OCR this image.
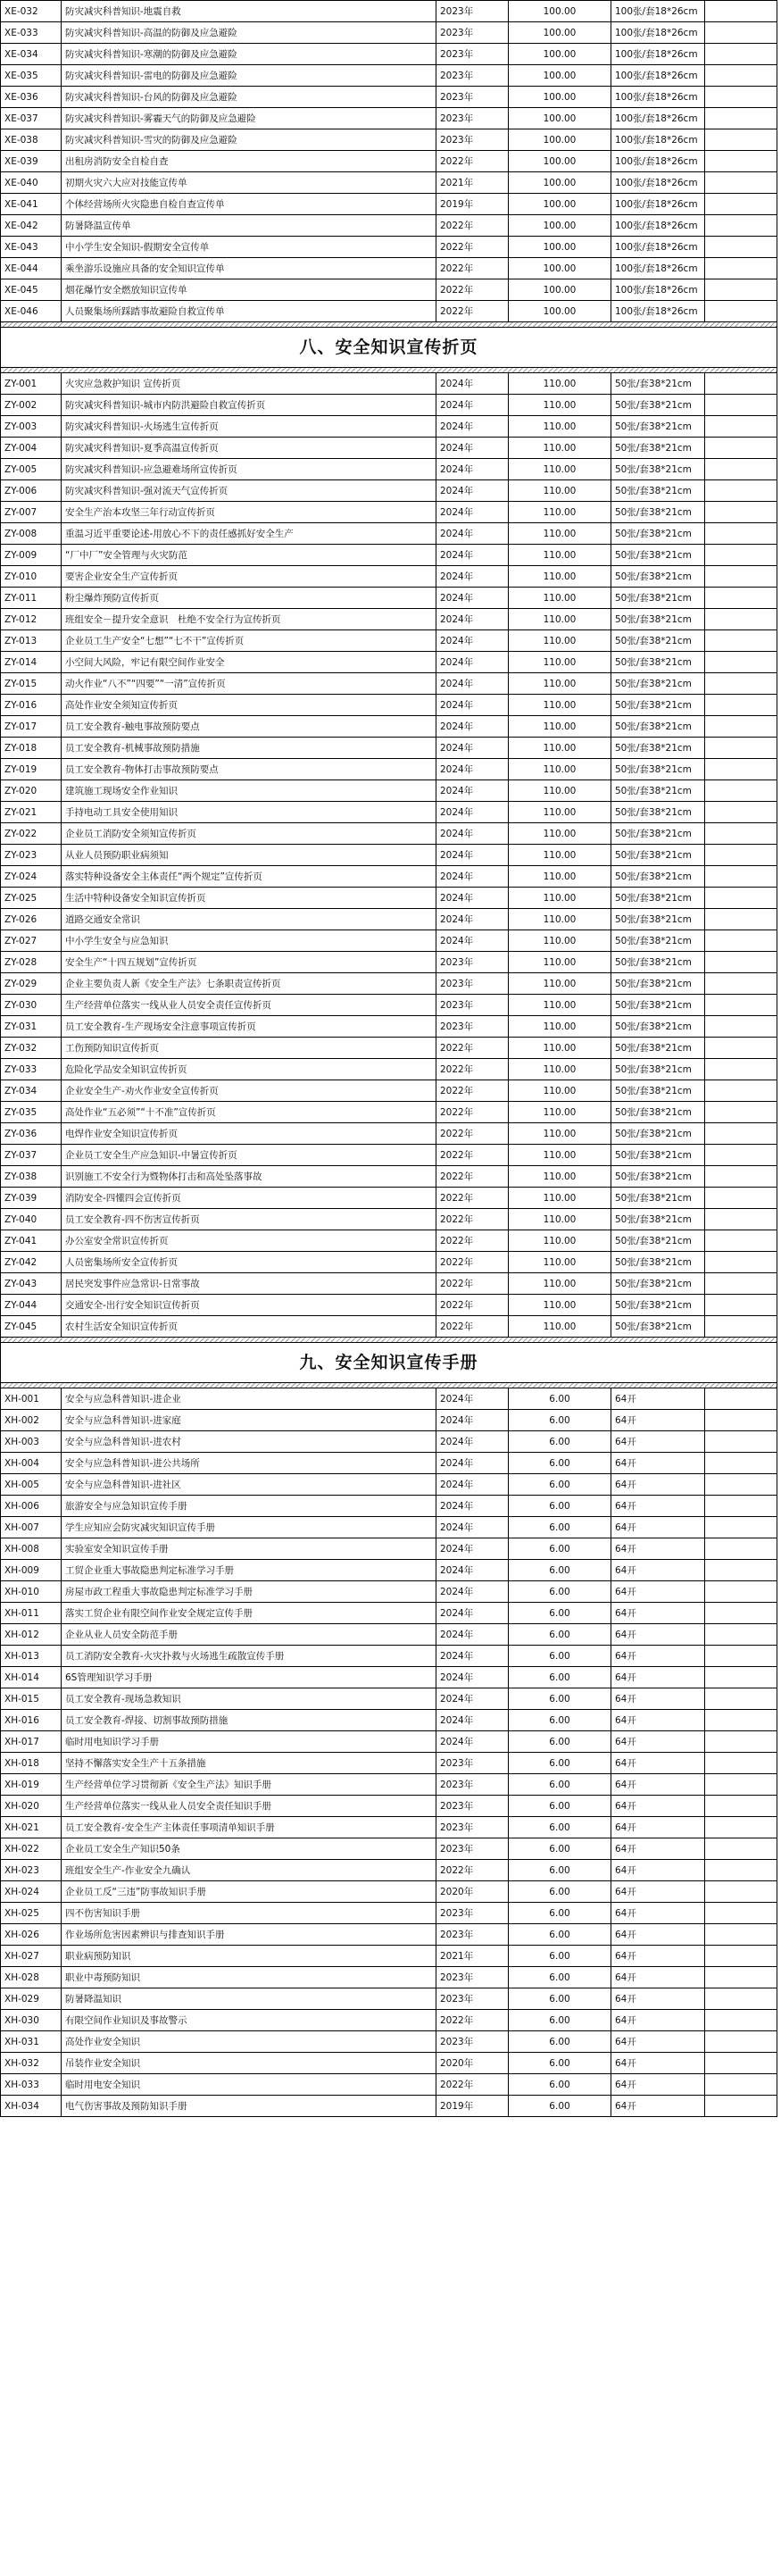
XE-032	防灾减灾科普知识-地震自救	2023年	100.00	100张/套18*26cm	
XE-033	防灾减灾科普知识-高温的防御及应急避险	2023年	100.00	100张/套18*26cm	
XE-034	防灾减灾科普知识-寒潮的防御及应急避险	2023年	100.00	100张/套18*26cm	
XE-035	防灾减灾科普知识-雷电的防御及应急避险	2023年	100.00	100张/套18*26cm	
XE-036	防灾减灾科普知识-台风的防御及应急避险	2023年	100.00	100张/套18*26cm	
XE-037	防灾减灾科普知识-雾霾天气的防御及应急避险	2023年	100.00	100张/套18*26cm	
XE-038	防灾减灾科普知识-雪灾的防御及应急避险	2023年	100.00	100张/套18*26cm	
XE-039	出租房消防安全自检自查	2022年	100.00	100张/套18*26cm	
XE-040	初期火灾六大应对技能宣传单	2021年	100.00	100张/套18*26cm	
XE-041	个体经营场所火灾隐患自检自查宣传单	2019年	100.00	100张/套18*26cm	
XE-042	防暑降温宣传单	2022年	100.00	100张/套18*26cm	
XE-043	中小学生安全知识-假期安全宣传单	2022年	100.00	100张/套18*26cm	
XE-044	乘坐游乐设施应具备的安全知识宣传单	2022年	100.00	100张/套18*26cm	
XE-045	烟花爆竹安全燃放知识宣传单	2022年	100.00	100张/套18*26cm	
XE-046	人员聚集场所踩踏事故避险自救宣传单	2022年	100.00	100张/套18*26cm	

八、安全知识宣传折页					

ZY-001	火灾应急救护知识 宣传折页	2024年	110.00	50张/套38*21cm	
ZY-002	防灾减灾科普知识-城市内防洪避险自救宣传折页	2024年	110.00	50张/套38*21cm	
ZY-003	防灾减灾科普知识-火场逃生宣传折页	2024年	110.00	50张/套38*21cm	
ZY-004	防灾减灾科普知识-夏季高温宣传折页	2024年	110.00	50张/套38*21cm	
ZY-005	防灾减灾科普知识-应急避难场所宣传折页	2024年	110.00	50张/套38*21cm	
ZY-006	防灾减灾科普知识-强对流天气宣传折页	2024年	110.00	50张/套38*21cm	
ZY-007	安全生产治本攻坚三年行动宣传折页	2024年	110.00	50张/套38*21cm	
ZY-008	重温习近平重要论述-用放心不下的责任感抓好安全生产	2024年	110.00	50张/套38*21cm	
ZY-009	“厂中厂”安全管理与火灾防范	2024年	110.00	50张/套38*21cm	
ZY-010	要害企业安全生产宣传折页	2024年	110.00	50张/套38*21cm	
ZY-011	粉尘爆炸预防宣传折页	2024年	110.00	50张/套38*21cm	
ZY-012	班组安全－提升安全意识　杜绝不安全行为宣传折页	2024年	110.00	50张/套38*21cm	
ZY-013	企业员工生产安全“七想”“七不干”宣传折页	2024年	110.00	50张/套38*21cm	
ZY-014	小空间大风险，牢记有限空间作业安全	2024年	110.00	50张/套38*21cm	
ZY-015	动火作业“八不”“四要”“一清”宣传折页	2024年	110.00	50张/套38*21cm	
ZY-016	高处作业安全须知宣传折页	2024年	110.00	50张/套38*21cm	
ZY-017	员工安全教育-触电事故预防要点	2024年	110.00	50张/套38*21cm	
ZY-018	员工安全教育-机械事故预防措施	2024年	110.00	50张/套38*21cm	
ZY-019	员工安全教育-物体打击事故预防要点	2024年	110.00	50张/套38*21cm	
ZY-020	建筑施工现场安全作业知识	2024年	110.00	50张/套38*21cm	
ZY-021	手持电动工具安全使用知识	2024年	110.00	50张/套38*21cm	
ZY-022	企业员工消防安全须知宣传折页	2024年	110.00	50张/套38*21cm	
ZY-023	从业人员预防职业病须知	2024年	110.00	50张/套38*21cm	
ZY-024	落实特种设备安全主体责任“两个规定”宣传折页	2024年	110.00	50张/套38*21cm	
ZY-025	生活中特种设备安全知识宣传折页	2024年	110.00	50张/套38*21cm	
ZY-026	道路交通安全常识	2024年	110.00	50张/套38*21cm	
ZY-027	中小学生安全与应急知识	2024年	110.00	50张/套38*21cm	
ZY-028	安全生产“十四五规划”宣传折页	2023年	110.00	50张/套38*21cm	
ZY-029	企业主要负责人新《安全生产法》七条职责宣传折页	2023年	110.00	50张/套38*21cm	
ZY-030	生产经营单位落实一线从业人员安全责任宣传折页	2023年	110.00	50张/套38*21cm	
ZY-031	员工安全教育-生产现场安全注意事项宣传折页	2023年	110.00	50张/套38*21cm	
ZY-032	工伤预防知识宣传折页	2022年	110.00	50张/套38*21cm	
ZY-033	危险化学品安全知识宣传折页	2022年	110.00	50张/套38*21cm	
ZY-034	企业安全生产-劝火作业安全宣传折页	2022年	110.00	50张/套38*21cm	
ZY-035	高处作业“五必须”“十不准”宣传折页	2022年	110.00	50张/套38*21cm	
ZY-036	电焊作业安全知识宣传折页	2022年	110.00	50张/套38*21cm	
ZY-037	企业员工安全生产应急知识-中暑宣传折页	2022年	110.00	50张/套38*21cm	
ZY-038	识别施工不安全行为暨物体打击和高处坠落事故	2022年	110.00	50张/套38*21cm	
ZY-039	消防安全-四懂四会宣传折页	2022年	110.00	50张/套38*21cm	
ZY-040	员工安全教育-四不伤害宣传折页	2022年	110.00	50张/套38*21cm	
ZY-041	办公室安全常识宣传折页	2022年	110.00	50张/套38*21cm	
ZY-042	人员密集场所安全宣传折页	2022年	110.00	50张/套38*21cm	
ZY-043	居民突发事件应急常识-日常事故	2022年	110.00	50张/套38*21cm	
ZY-044	交通安全-出行安全知识宣传折页	2022年	110.00	50张/套38*21cm	
ZY-045	农村生活安全知识宣传折页	2022年	110.00	50张/套38*21cm	

九、安全知识宣传手册					

XH-001	安全与应急科普知识-进企业	2024年	6.00	64开	
XH-002	安全与应急科普知识-进家庭	2024年	6.00	64开	
XH-003	安全与应急科普知识-进农村	2024年	6.00	64开	
XH-004	安全与应急科普知识-进公共场所	2024年	6.00	64开	
XH-005	安全与应急科普知识-进社区	2024年	6.00	64开	
XH-006	旅游安全与应急知识宣传手册	2024年	6.00	64开	
XH-007	学生应知应会防灾减灾知识宣传手册	2024年	6.00	64开	
XH-008	实验室安全知识宣传手册	2024年	6.00	64开	
XH-009	工贸企业重大事故隐患判定标准学习手册	2024年	6.00	64开	
XH-010	房屋市政工程重大事故隐患判定标准学习手册	2024年	6.00	64开	
XH-011	落实工贸企业有限空间作业安全规定宣传手册	2024年	6.00	64开	
XH-012	企业从业人员安全防范手册	2024年	6.00	64开	
XH-013	员工消防安全教育-火灾扑救与火场逃生疏散宣传手册	2024年	6.00	64开	
XH-014	6S管理知识学习手册	2024年	6.00	64开	
XH-015	员工安全教育-现场急救知识	2024年	6.00	64开	
XH-016	员工安全教育-焊接、切割事故预防措施	2024年	6.00	64开	
XH-017	临时用电知识学习手册	2024年	6.00	64开	
XH-018	坚持不懈落实安全生产十五条措施	2023年	6.00	64开	
XH-019	生产经营单位学习贯彻新《安全生产法》知识手册	2023年	6.00	64开	
XH-020	生产经营单位落实一线从业人员安全责任知识手册	2023年	6.00	64开	
XH-021	员工安全教育-安全生产主体责任事项清单知识手册	2023年	6.00	64开	
XH-022	企业员工安全生产知识50条	2023年	6.00	64开	
XH-023	班组安全生产-作业安全九确认	2022年	6.00	64开	
XH-024	企业员工反“三违”防事故知识手册	2020年	6.00	64开	
XH-025	四不伤害知识手册	2023年	6.00	64开	
XH-026	作业场所危害因素辨识与排查知识手册	2023年	6.00	64开	
XH-027	职业病预防知识	2021年	6.00	64开	
XH-028	职业中毒预防知识	2023年	6.00	64开	
XH-029	防暑降温知识	2023年	6.00	64开	
XH-030	有限空间作业知识及事故警示	2022年	6.00	64开	
XH-031	高处作业安全知识	2023年	6.00	64开	
XH-032	吊装作业安全知识	2020年	6.00	64开	
XH-033	临时用电安全知识	2022年	6.00	64开	
XH-034	电气伤害事故及预防知识手册	2019年	6.00	64开	
